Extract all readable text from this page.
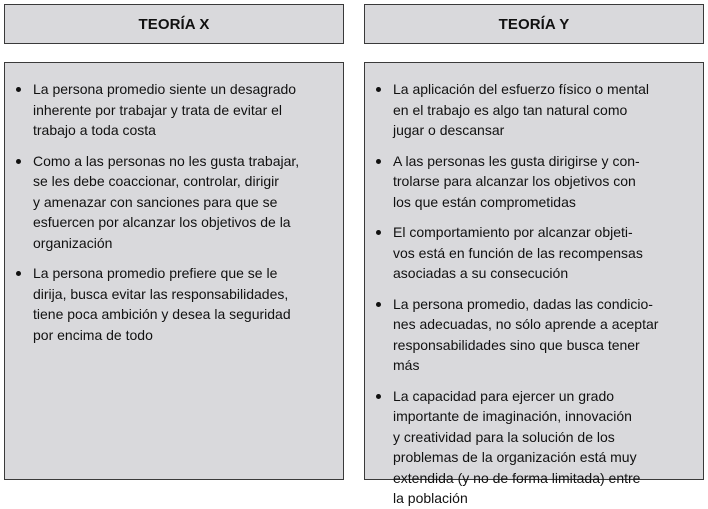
TEORÍA X	TEORÍA Y
La persona promedio siente un desagrado
inherente por trabajar y trata de evitar el
trabajo a toda costa
Como a las personas no les gusta trabajar,
se les debe coaccionar, controlar, dirigir
y amenazar con sanciones para que se
esfuercen por alcanzar los objetivos de la
organización
La persona promedio prefiere que se le
dirija, busca evitar las responsabilidades,
tiene poca ambición y desea la seguridad
por encima de todo
La aplicación del esfuerzo físico o mental
en el trabajo es algo tan natural como
jugar o descansar
A las personas les gusta dirigirse y con-
trolarse para alcanzar los objetivos con
los que están comprometidas
El comportamiento por alcanzar objeti-
vos está en función de las recompensas
asociadas a su consecución
La persona promedio, dadas las condicio-
nes adecuadas, no sólo aprende a aceptar
responsabilidades sino que busca tener
más
La capacidad para ejercer un grado
importante de imaginación, innovación
y creatividad para la solución de los
problemas de la organización está muy
extendida (y no de forma limitada) entre
la población
